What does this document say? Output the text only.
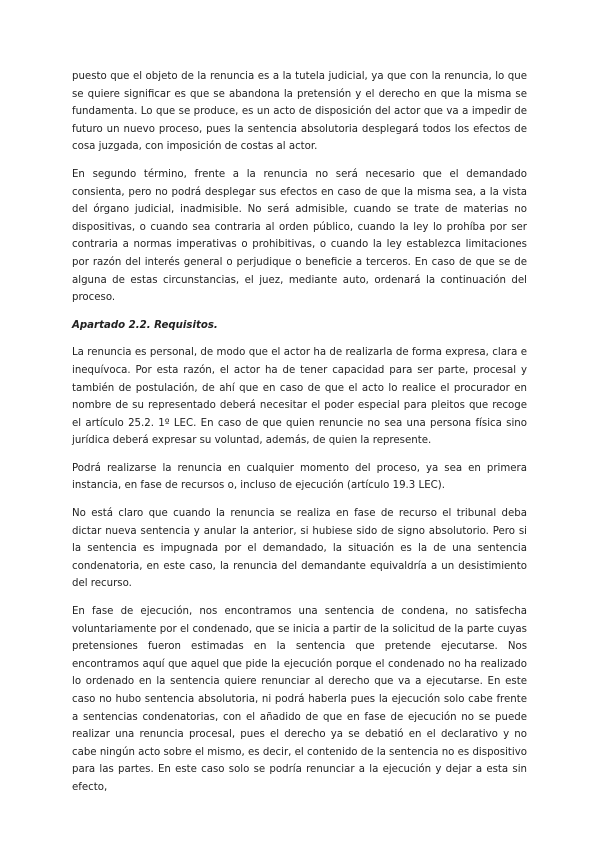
puesto que el objeto de la renuncia es a la tutela judicial, ya que con la renuncia, lo que se quiere significar es que se abandona la pretensión y el derecho en que la misma se fundamenta. Lo que se produce, es un acto de disposición del actor que va a impedir de futuro un nuevo proceso, pues la sentencia absolutoria desplegará todos los efectos de cosa juzgada, con imposición de costas al actor.

En segundo término, frente a la renuncia no será necesario que el demandado consienta, pero no podrá desplegar sus efectos en caso de que la misma sea, a la vista del órgano judicial, inadmisible. No será admisible, cuando se trate de materias no dispositivas, o cuando sea contraria al orden público, cuando la ley lo prohíba por ser contraria a normas imperativas o prohibitivas, o cuando la ley establezca limitaciones por razón del interés general o perjudique o beneficie a terceros. En caso de que se de alguna de estas circunstancias, el juez, mediante auto, ordenará la continuación del proceso.

Apartado 2.2. Requisitos.

La renuncia es personal, de modo que el actor ha de realizarla de forma expresa, clara e inequívoca. Por esta razón, el actor ha de tener capacidad para ser parte, procesal y también de postulación, de ahí que en caso de que el acto lo realice el procurador en nombre de su representado deberá necesitar el poder especial para pleitos que recoge el artículo 25.2. 1º LEC. En caso de que quien renuncie no sea una persona física sino jurídica deberá expresar su voluntad, además, de quien la represente.

Podrá realizarse la renuncia en cualquier momento del proceso, ya sea en primera instancia, en fase de recursos o, incluso de ejecución (artículo 19.3 LEC).

No está claro que cuando la renuncia se realiza en fase de recurso el tribunal deba dictar nueva sentencia y anular la anterior, si hubiese sido de signo absolutorio. Pero si la sentencia es impugnada por el demandado, la situación es la de una sentencia condenatoria, en este caso, la renuncia del demandante equivaldría a un desistimiento del recurso.

En fase de ejecución, nos encontramos una sentencia de condena, no satisfecha voluntariamente por el condenado, que se inicia a partir de la solicitud de la parte cuyas pretensiones fueron estimadas en la sentencia que pretende ejecutarse. Nos encontramos aquí que aquel que pide la ejecución porque el condenado no ha realizado lo ordenado en la sentencia quiere renunciar al derecho que va a ejecutarse. En este caso no hubo sentencia absolutoria, ni podrá haberla pues la ejecución solo cabe frente a sentencias condenatorias, con el añadido de que en fase de ejecución no se puede realizar una renuncia procesal, pues el derecho ya se debatió en el declarativo y no cabe ningún acto sobre el mismo, es decir, el contenido de la sentencia no es dispositivo para las partes. En este caso solo se podría renunciar a la ejecución y dejar a esta sin efecto,
